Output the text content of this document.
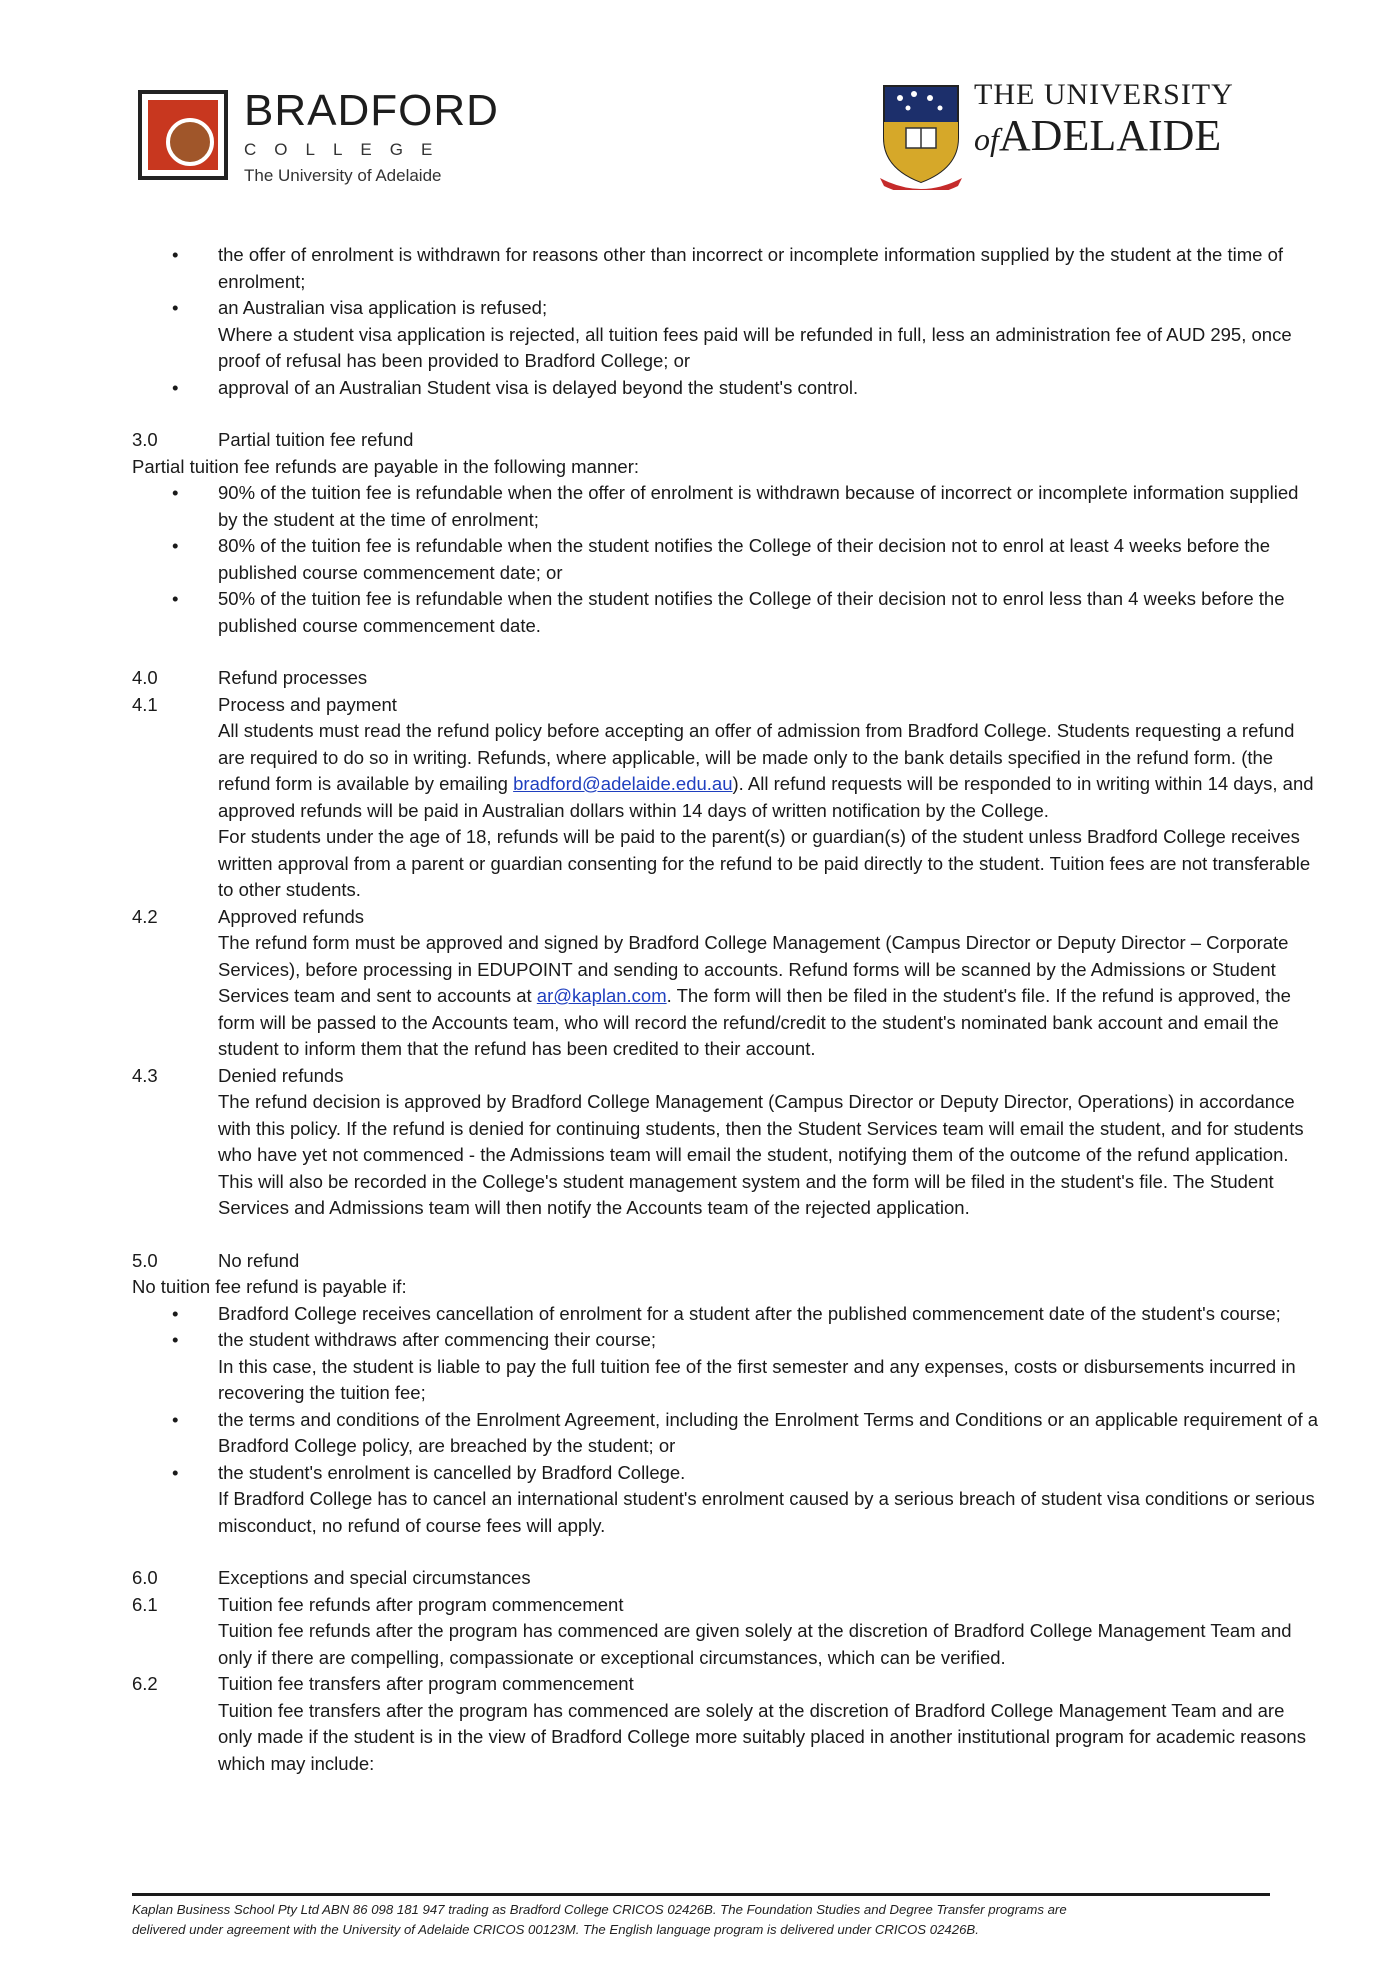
BRADFORD
COLLEGE
The University of Adelaide
THE UNIVERSITY
ofADELAIDE
• the offer of enrolment is withdrawn for reasons other than incorrect or incomplete information supplied by the student at the time of enrolment;
• an Australian visa application is refused;
Where a student visa application is rejected, all tuition fees paid will be refunded in full, less an administration fee of AUD 295, once proof of refusal has been provided to Bradford College; or
• approval of an Australian Student visa is delayed beyond the student's control.
3.0	Partial tuition fee refund
Partial tuition fee refunds are payable in the following manner:
• 90% of the tuition fee is refundable when the offer of enrolment is withdrawn because of incorrect or incomplete information supplied by the student at the time of enrolment;
• 80% of the tuition fee is refundable when the student notifies the College of their decision not to enrol at least 4 weeks before the published course commencement date; or
• 50% of the tuition fee is refundable when the student notifies the College of their decision not to enrol less than 4 weeks before the published course commencement date.
4.0	Refund processes
4.1	Process and payment
All students must read the refund policy before accepting an offer of admission from Bradford College. Students requesting a refund are required to do so in writing. Refunds, where applicable, will be made only to the bank details specified in the refund form. (the refund form is available by emailing bradford@adelaide.edu.au). All refund requests will be responded to in writing within 14 days, and approved refunds will be paid in Australian dollars within 14 days of written notification by the College.
For students under the age of 18, refunds will be paid to the parent(s) or guardian(s) of the student unless Bradford College receives written approval from a parent or guardian consenting for the refund to be paid directly to the student. Tuition fees are not transferable to other students.
4.2	Approved refunds
The refund form must be approved and signed by Bradford College Management (Campus Director or Deputy Director – Corporate Services), before processing in EDUPOINT and sending to accounts. Refund forms will be scanned by the Admissions or Student Services team and sent to accounts at ar@kaplan.com. The form will then be filed in the student's file. If the refund is approved, the form will be passed to the Accounts team, who will record the refund/credit to the student's nominated bank account and email the student to inform them that the refund has been credited to their account.
4.3	Denied refunds
The refund decision is approved by Bradford College Management (Campus Director or Deputy Director, Operations) in accordance with this policy. If the refund is denied for continuing students, then the Student Services team will email the student, and for students who have yet not commenced - the Admissions team will email the student, notifying them of the outcome of the refund application. This will also be recorded in the College's student management system and the form will be filed in the student's file. The Student Services and Admissions team will then notify the Accounts team of the rejected application.
5.0	No refund
No tuition fee refund is payable if:
• Bradford College receives cancellation of enrolment for a student after the published commencement date of the student's course;
• the student withdraws after commencing their course;
In this case, the student is liable to pay the full tuition fee of the first semester and any expenses, costs or disbursements incurred in recovering the tuition fee;
• the terms and conditions of the Enrolment Agreement, including the Enrolment Terms and Conditions or an applicable requirement of a Bradford College policy, are breached by the student; or
• the student's enrolment is cancelled by Bradford College.
If Bradford College has to cancel an international student's enrolment caused by a serious breach of student visa conditions or serious misconduct, no refund of course fees will apply.
6.0	Exceptions and special circumstances
6.1	Tuition fee refunds after program commencement
Tuition fee refunds after the program has commenced are given solely at the discretion of Bradford College Management Team and only if there are compelling, compassionate or exceptional circumstances, which can be verified.
6.2	Tuition fee transfers after program commencement
Tuition fee transfers after the program has commenced are solely at the discretion of Bradford College Management Team and are only made if the student is in the view of Bradford College more suitably placed in another institutional program for academic reasons which may include:
Kaplan Business School Pty Ltd ABN 86 098 181 947 trading as Bradford College CRICOS 02426B. The Foundation Studies and Degree Transfer programs are
delivered under agreement with the University of Adelaide CRICOS 00123M. The English language program is delivered under CRICOS 02426B.
